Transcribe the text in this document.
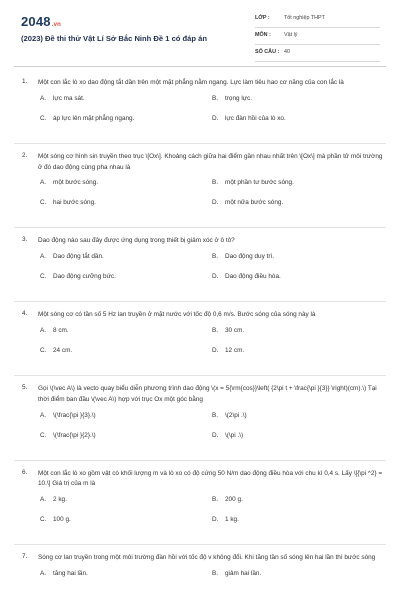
2048.vn
(2023) Đề thi thử Vật Lí Sở Bắc Ninh Đề 1 có đáp án
LỚP :	Tốt nghiệp THPT
MÔN : Vật lý
SỐ CÂU : 40
1. Một con lắc lò xo dao động tắt dần trên một mặt phẳng nằm ngang. Lực làm tiêu hao cơ năng của con lắc là
A. lực ma sát.	B. trọng lực.
C. áp lực lên mặt phẳng ngang.	D. lực đàn hồi của lò xo.
2. Một sóng cơ hình sin truyền theo trục \[Ox\]. Khoảng cách giữa hai điểm gần nhau nhất trên \[Ox\] mà phần tử môi trường ở đó dao động cùng pha nhau là
A. một bước sóng.	B. một phần tư bước sóng.
C. hai bước sóng.	D. một nửa bước sóng.
3. Dao động nào sau đây được ứng dụng trong thiết bị giảm xóc ở ô tô?
A. Dao động tắt dần.	B. Dao động duy trì.
C. Dao động cưỡng bức.	D. Dao động điều hòa.
4. Một sóng cơ có tần số 5 Hz lan truyền ở mặt nước với tốc độ 0,6 m/s. Bước sóng của sóng này là
A. 8 cm.	B. 30 cm.
C. 24 cm.	D. 12 cm.
5. Gọi \(\vec A\) là vecto quay biểu diễn phương trình dao động \(x = 5{\rm{cos}}\left( {2\pi t + \frac{\pi }{3}} \right)(cm).\) Tại thời điểm ban đầu \(\vec A\) hợp với trục Ox một góc bằng
A. \(\frac{\pi }{3}.\)	B. \(2\pi .\)
C. \(\frac{\pi }{2}.\)	D. \(\pi .\)
6. Một con lắc lò xo gồm vật có khối lượng m và lò xo có độ cứng 50 N/m dao động điều hòa với chu kì 0,4 s. Lấy \[{\pi ^2} = 10.\] Giá trị của m là
A. 2 kg.	B. 200 g.
C. 100 g.	D. 1 kg.
7. Sóng cơ lan truyền trong một môi trường đàn hồi với tốc độ v không đổi. Khi tăng tần số sóng lên hai lần thì bước sóng
A. tăng hai lần.	B. giảm hai lần.
